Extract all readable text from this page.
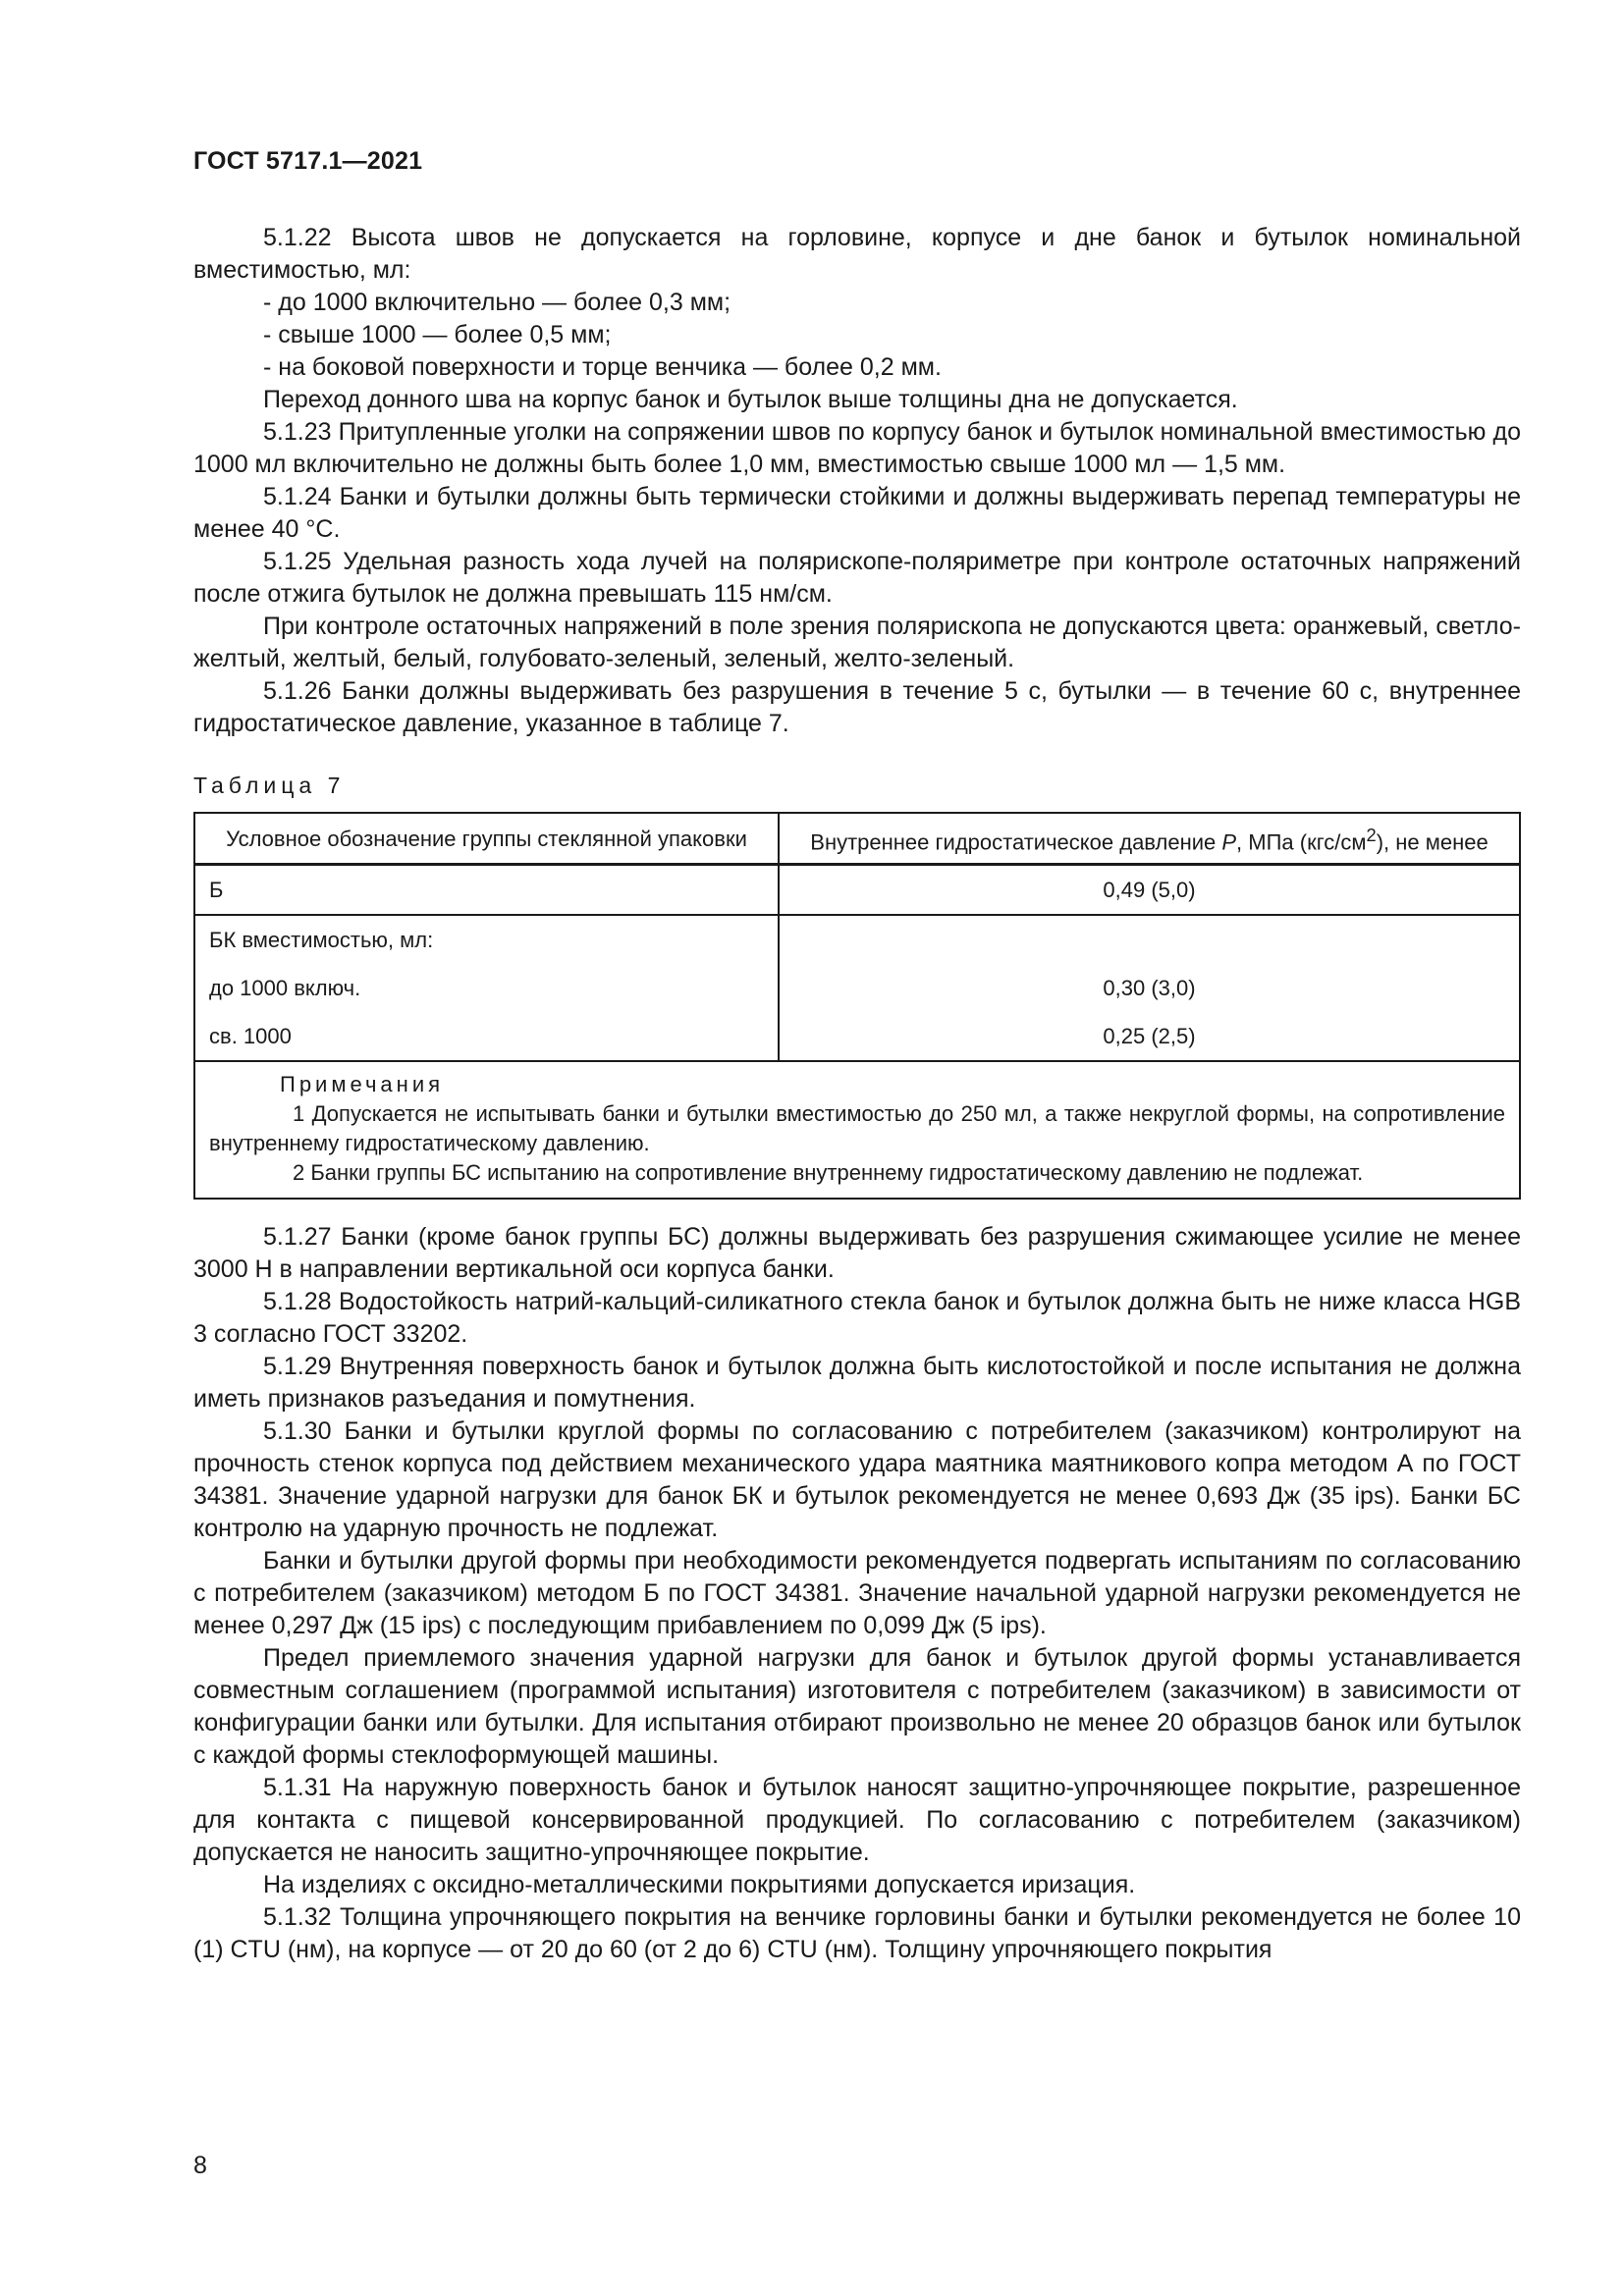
ГОСТ 5717.1—2021

5.1.22 Высота швов не допускается на горловине, корпусе и дне банок и бутылок номинальной вместимостью, мл:

- до 1000 включительно — более 0,3 мм;

- свыше 1000 — более 0,5 мм;

- на боковой поверхности и торце венчика — более 0,2 мм.

Переход донного шва на корпус банок и бутылок выше толщины дна не допускается.

5.1.23 Притупленные уголки на сопряжении швов по корпусу банок и бутылок номинальной вместимостью до 1000 мл включительно не должны быть более 1,0 мм, вместимостью свыше 1000 мл — 1,5 мм.

5.1.24 Банки и бутылки должны быть термически стойкими и должны выдерживать перепад температуры не менее 40 °С.

5.1.25 Удельная разность хода лучей на полярископе-поляриметре при контроле остаточных напряжений после отжига бутылок не должна превышать 115 нм/см.

При контроле остаточных напряжений в поле зрения полярископа не допускаются цвета: оранжевый, светло-желтый, желтый, белый, голубовато-зеленый, зеленый, желто-зеленый.

5.1.26 Банки должны выдерживать без разрушения в течение 5 с, бутылки — в течение 60 с, внутреннее гидростатическое давление, указанное в таблице 7.

Таблица 7

Условное обозначение группы стеклянной упаковки	Внутреннее гидростатическое давление Р, МПа $(кгс/см^2)$, не менее
Б	0,49 (5,0)
БК вместимостью, мл:	
до 1000 включ.	0,30 (3,0)
св. 1000	0,25 (2,5)

Примечания
1 Допускается не испытывать банки и бутылки вместимостью до 250 мл, а также некруглой формы, на сопротивление внутреннему гидростатическому давлению.
2 Банки группы БС испытанию на сопротивление внутреннему гидростатическому давлению не подлежат.	

5.1.27 Банки (кроме банок группы БС) должны выдерживать без разрушения сжимающее усилие не менее 3000 Н в направлении вертикальной оси корпуса банки.

5.1.28 Водостойкость натрий-кальций-силикатного стекла банок и бутылок должна быть не ниже класса HGB 3 согласно ГОСТ 33202.

5.1.29 Внутренняя поверхность банок и бутылок должна быть кислотостойкой и после испытания не должна иметь признаков разъедания и помутнения.

5.1.30 Банки и бутылки круглой формы по согласованию с потребителем (заказчиком) контролируют на прочность стенок корпуса под действием механического удара маятника маятникового копра методом А по ГОСТ 34381. Значение ударной нагрузки для банок БК и бутылок рекомендуется не менее 0,693 Дж (35 ips). Банки БС контролю на ударную прочность не подлежат.

Банки и бутылки другой формы при необходимости рекомендуется подвергать испытаниям по согласованию с потребителем (заказчиком) методом Б по ГОСТ 34381. Значение начальной ударной нагрузки рекомендуется не менее 0,297 Дж (15 ips) с последующим прибавлением по 0,099 Дж (5 ips).

Предел приемлемого значения ударной нагрузки для банок и бутылок другой формы устанавливается совместным соглашением (программой испытания) изготовителя с потребителем (заказчиком) в зависимости от конфигурации банки или бутылки. Для испытания отбирают произвольно не менее 20 образцов банок или бутылок с каждой формы стеклоформующей машины.

5.1.31 На наружную поверхность банок и бутылок наносят защитно-упрочняющее покрытие, разрешенное для контакта с пищевой консервированной продукцией. По согласованию с потребителем (заказчиком) допускается не наносить защитно-упрочняющее покрытие.

На изделиях с оксидно-металлическими покрытиями допускается иризация.

5.1.32 Толщина упрочняющего покрытия на венчике горловины банки и бутылки рекомендуется не более 10 (1) CTU (нм), на корпусе — от 20 до 60 (от 2 до 6) CTU (нм). Толщину упрочняющего покрытия

8
